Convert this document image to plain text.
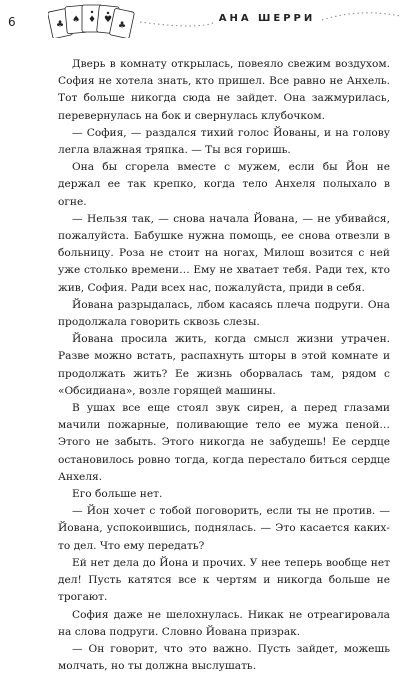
6	♣ ♠ ♦ ♥
♣
АНА ШЕРРИ

Дверь в комнату открылась, повеяло свежим воздухом. София не хотела знать, кто пришел. Все равно не Анхель. Тот больше никогда сюда не зайдет. Она зажмурилась, перевернулась на бок и свернулась клубочком.

— София, — раздался тихий голос Йованы, и на голову легла влажная тряпка. — Ты вся горишь.

Она бы сгорела вместе с мужем, если бы Йон не держал ее так крепко, когда тело Анхеля полыхало в огне.

— Нельзя так, — снова начала Йована, — не убивайся, пожалуйста. Бабушке нужна помощь, ее снова отвезли в больницу. Роза не стоит на ногах, Милош возится с ней уже столько времени… Ему не хватает тебя. Ради тех, кто жив, София. Ради всех нас, пожалуйста, приди в себя.

Йована разрыдалась, лбом касаясь плеча подруги. Она продолжала говорить сквозь слезы.

Йована просила жить, когда смысл жизни утрачен. Разве можно встать, распахнуть шторы в этой комнате и продолжать жить? Ее жизнь оборвалась там, рядом с «Обсидиана», возле горящей машины.

В ушах все еще стоял звук сирен, а перед глазами мачили пожарные, поливающие тело ее мужа пеной… Этого не забыть. Этого никогда не забудешь! Ее сердце остановилось ровно тогда, когда перестало биться сердце Анхеля.

Его больше нет.

— Йон хочет с тобой поговорить, если ты не против. — Йована, успокоившись, поднялась. — Это касается каких-то дел. Что ему передать?

Ей нет дела до Йона и прочих. У нее теперь вообще нет дел! Пусть катятся все к чертям и никогда больше не трогают.

София даже не шелохнулась. Никак не отреагировала на слова подруги. Словно Йована призрак.

— Он говорит, что это важно. Пусть зайдет, можешь молчать, но ты должна выслушать.
